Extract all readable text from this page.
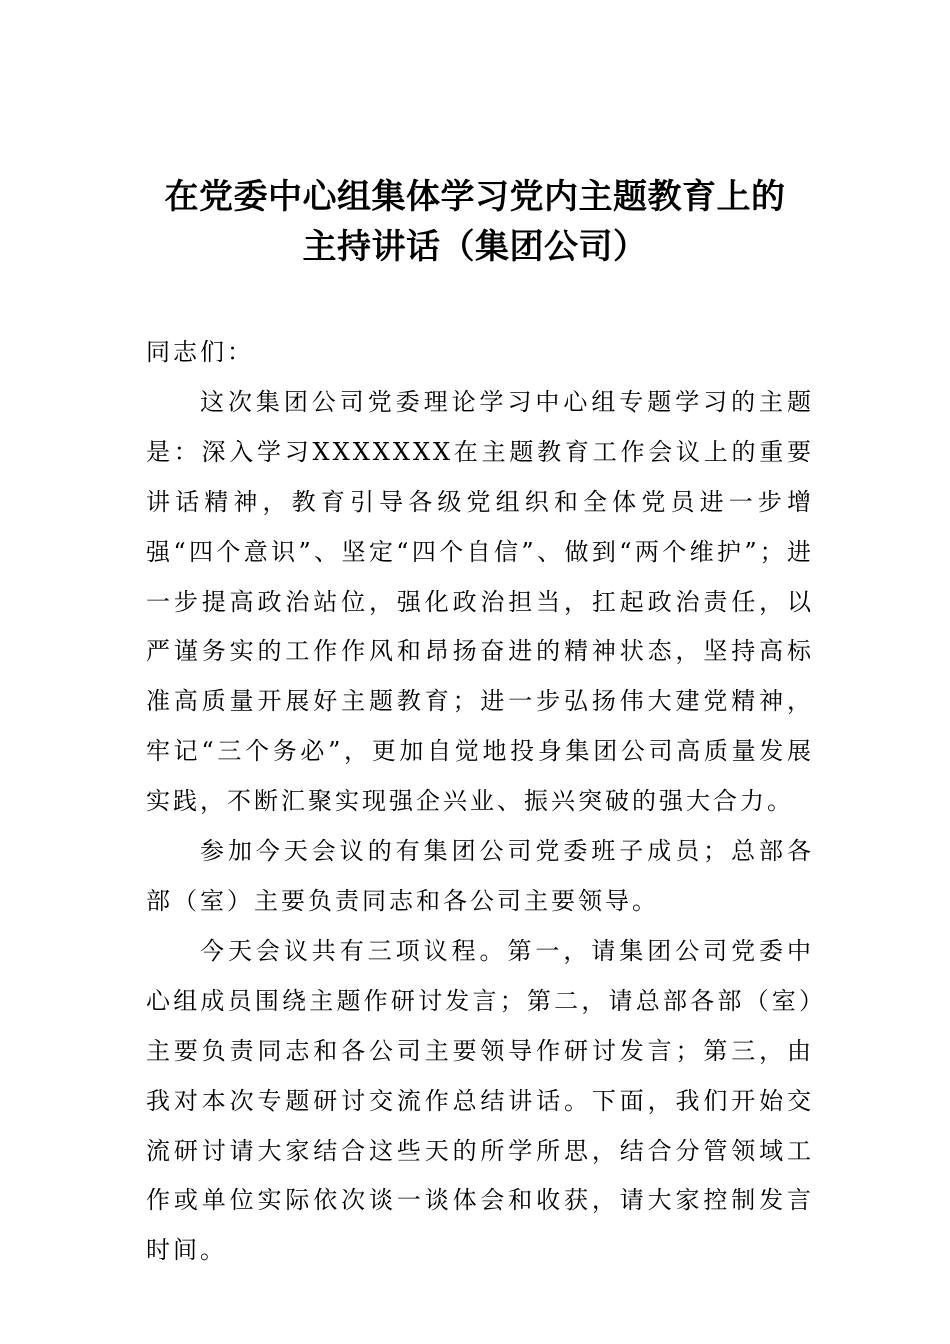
在党委中心组集体学习党内主题教育上的
主持讲话（集团公司）

同志们：

这次集团公司党委理论学习中心组专题学习的主题是：深入学习XXXXXXX在主题教育工作会议上的重要讲话精神，教育引导各级党组织和全体党员进一步增强“四个意识”、坚定“四个自信”、做到“两个维护”；进一步提高政治站位，强化政治担当，扛起政治责任，以严谨务实的工作作风和昂扬奋进的精神状态，坚持高标准高质量开展好主题教育；进一步弘扬伟大建党精神，牢记“三个务必”，更加自觉地投身集团公司高质量发展实践，不断汇聚实现强企兴业、振兴突破的强大合力。

参加今天会议的有集团公司党委班子成员；总部各部（室）主要负责同志和各公司主要领导。

今天会议共有三项议程。第一，请集团公司党委中心组成员围绕主题作研讨发言；第二，请总部各部（室）主要负责同志和各公司主要领导作研讨发言；第三，由我对本次专题研讨交流作总结讲话。下面，我们开始交流研讨请大家结合这些天的所学所思，结合分管领域工作或单位实际依次谈一谈体会和收获，请大家控制发言时间。
